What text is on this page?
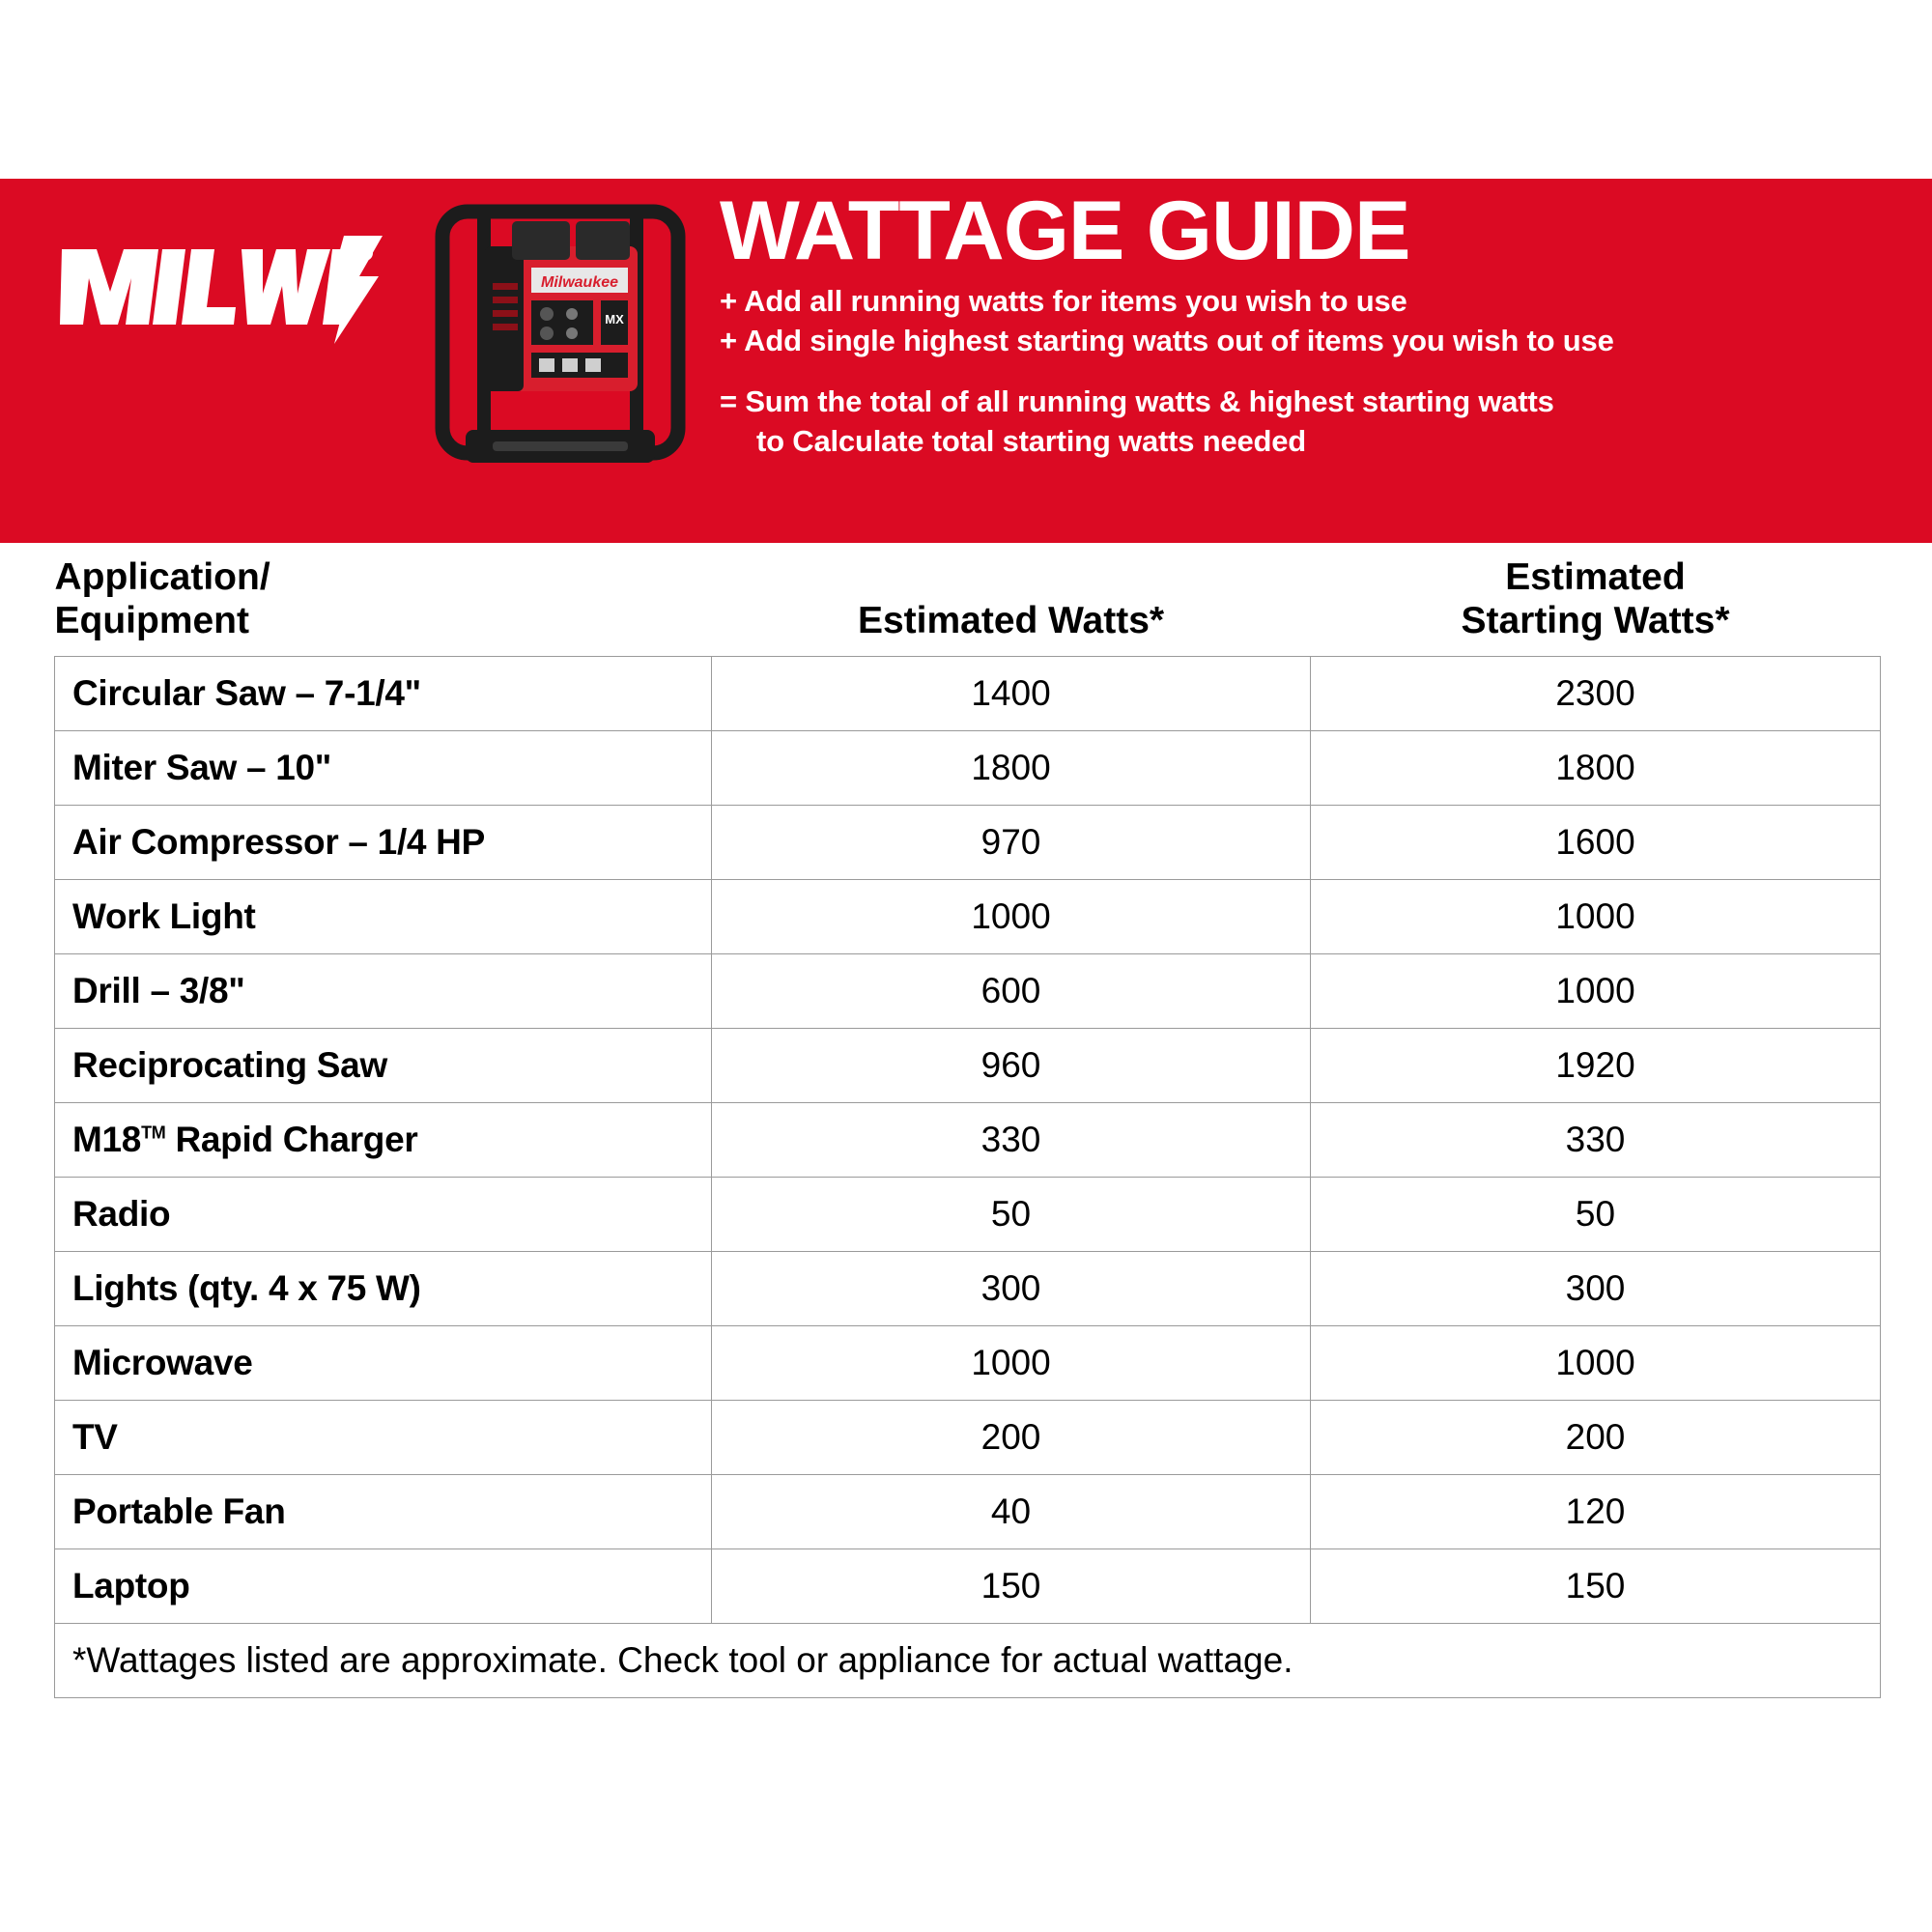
R
Milwaukee
MX
WATTAGE GUIDE
+ Add all running watts for items you wish to use
+ Add single highest starting watts out of items you wish to use
= Sum the total of all running watts & highest starting watts
to Calculate total starting watts needed
Application/
Equipment	Estimated Watts*	Estimated
Starting Watts*

Circular Saw – 7-1/4"	1400	2300
Miter Saw – 10"	1800	1800
Air Compressor – 1/4 HP	970	1600
Work Light	1000	1000
Drill – 3/8"	600	1000
Reciprocating Saw	960	1920
M18™ Rapid Charger	330	330
Radio	50	50
Lights (qty. 4 x 75 W)	300	300
Microwave	1000	1000
TV	200	200
Portable Fan	40	120
Laptop	150	150
*Wattages listed are approximate. Check tool or appliance for actual wattage.		
